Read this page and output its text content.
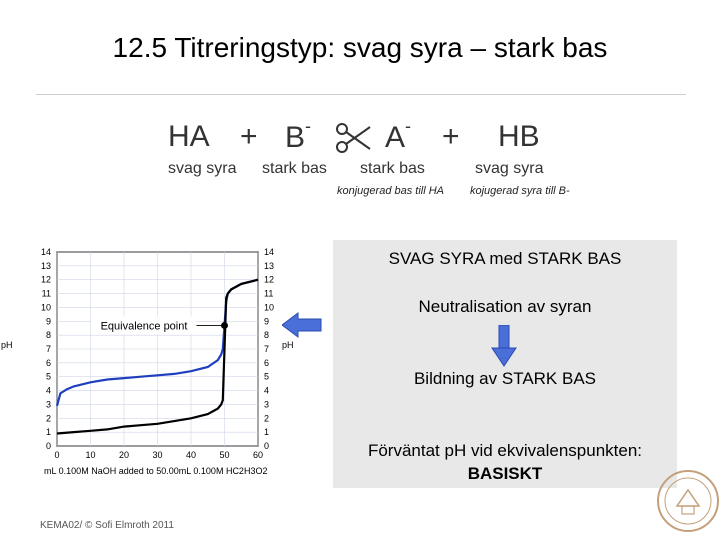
12.5 Titreringstyp: svag syra – stark bas
HA + B- A- + HB
svag syra stark bas stark bas	svag syra
konjugerad bas till HA kojugerad syra till B-
SVAG SYRA med STARK BAS
Neutralisation av syran
Bildning av STARK BAS
Förväntat pH vid ekvivalenspunkten:
BASISKT
0
1
2
3
4
5
6
7
8
9
10
11
12
13
14
0
1
2
3
4
5
6
7
8
9
10
11
12
13
14
0	10	20	30	40	50	60
pH	pH
mL 0.100M NaOH added to 50.00mL 0.100M HC2H3O2
Equivalence point
KEMA02/ © Sofi Elmroth 2011
